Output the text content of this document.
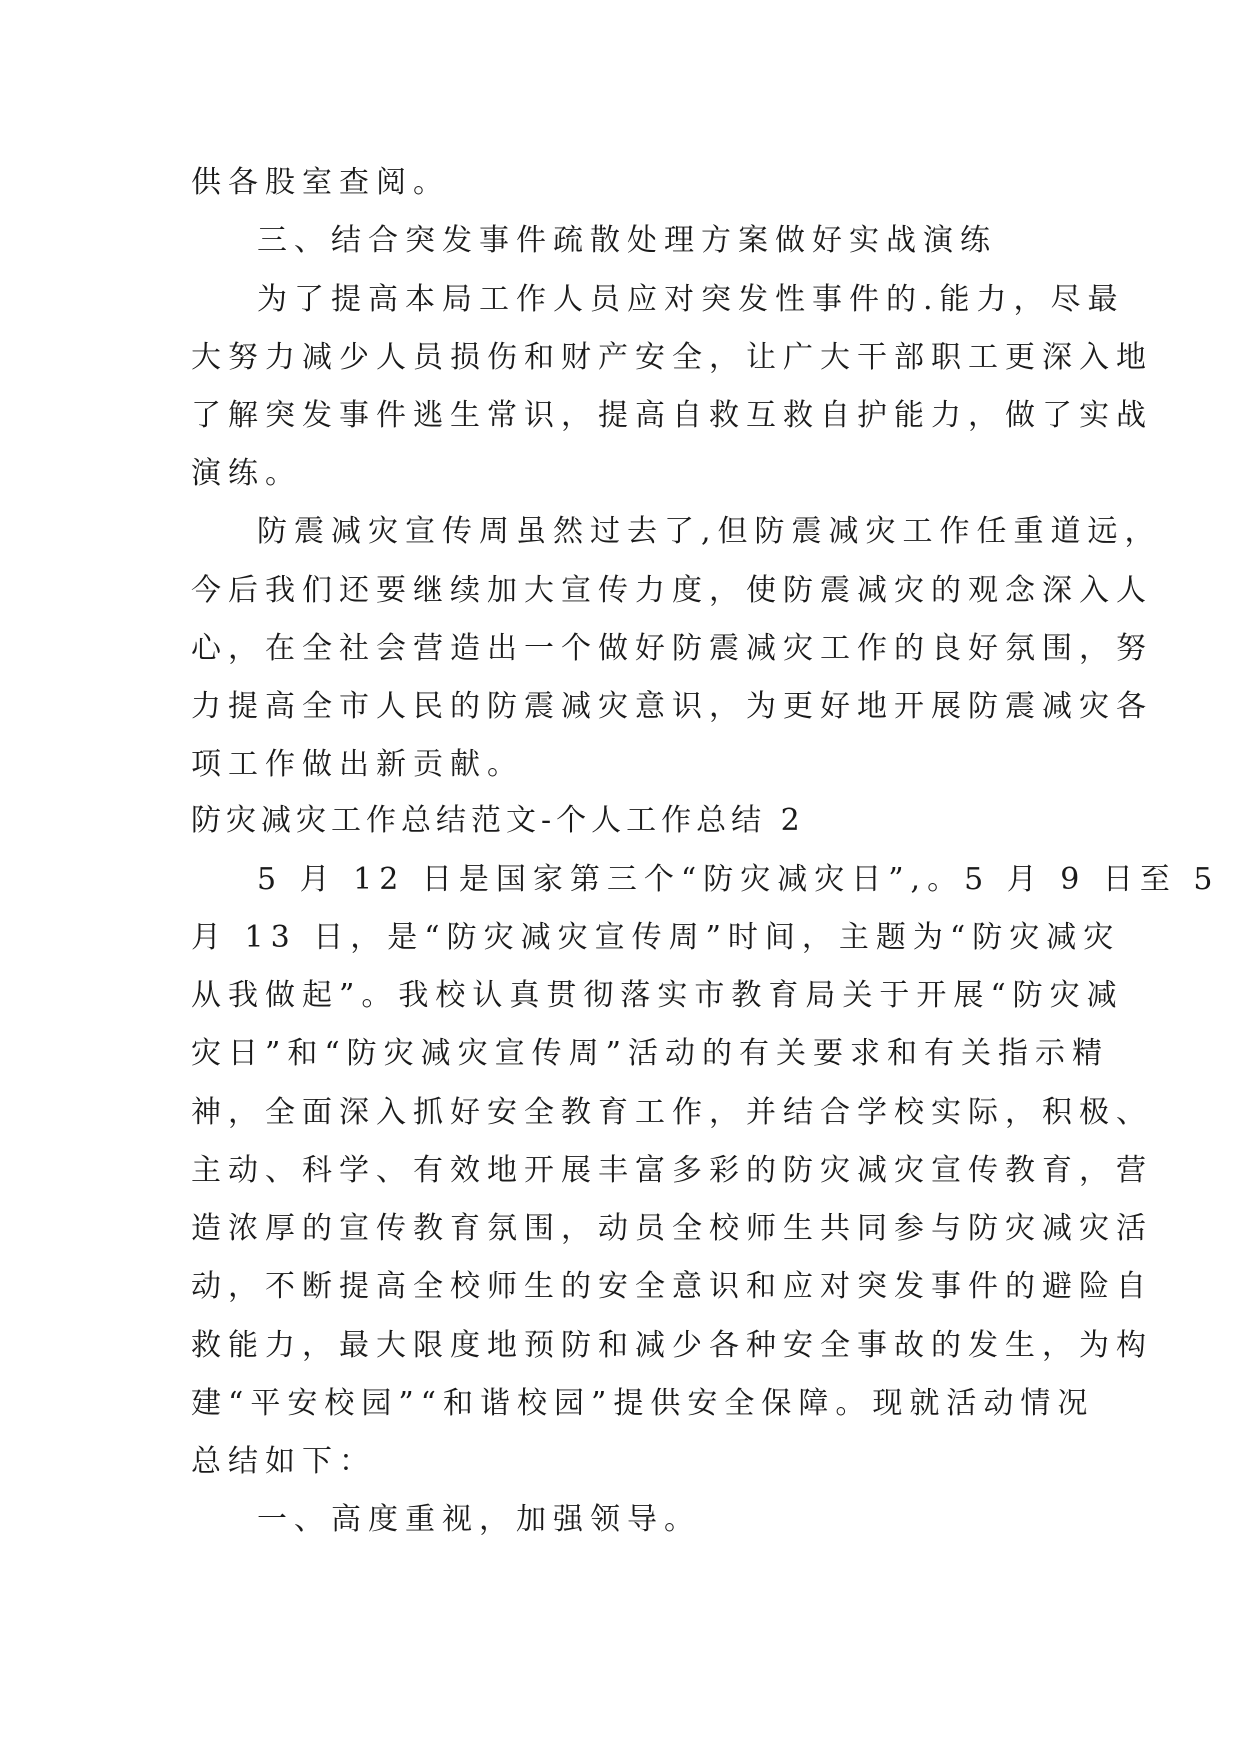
供各股室查阅。
三、结合突发事件疏散处理方案做好实战演练
为了提高本局工作人员应对突发性事件的.能力，尽最
大努力减少人员损伤和财产安全，让广大干部职工更深入地
了解突发事件逃生常识，提高自救互救自护能力，做了实战
演练。
防震减灾宣传周虽然过去了,但防震减灾工作任重道远，
今后我们还要继续加大宣传力度，使防震减灾的观念深入人
心，在全社会营造出一个做好防震减灾工作的良好氛围，努
力提高全市人民的防震减灾意识，为更好地开展防震减灾各
项工作做出新贡献。
防灾减灾工作总结范文-个人工作总结 2
5 月 12 日是国家第三个“防灾减灾日”,。5 月 9 日至 5
月 13 日，是“防灾减灾宣传周”时间，主题为“防灾减灾
从我做起”。我校认真贯彻落实市教育局关于开展“防灾减
灾日”和“防灾减灾宣传周”活动的有关要求和有关指示精
神，全面深入抓好安全教育工作，并结合学校实际，积极、
主动、科学、有效地开展丰富多彩的防灾减灾宣传教育，营
造浓厚的宣传教育氛围，动员全校师生共同参与防灾减灾活
动，不断提高全校师生的安全意识和应对突发事件的避险自
救能力，最大限度地预防和减少各种安全事故的发生，为构
建“平安校园”“和谐校园”提供安全保障。现就活动情况
总结如下：
一、高度重视，加强领导。
